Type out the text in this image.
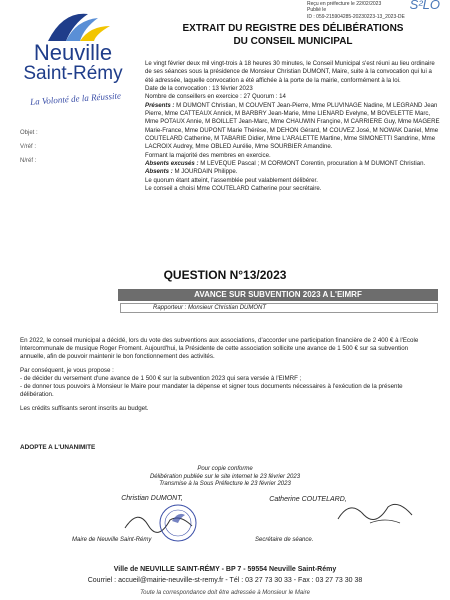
Reçu en préfecture le 22/02/2023
Publié le
ID : 059-215904285-20230223-13_2023-DE
S²LO
Neuville
Saint-Rémy
La Volonté de la Réussite
Objet :
V/réf :
N/réf :
EXTRAIT DU REGISTRE DES DÉLIBÉRATIONS
DU CONSEIL MUNICIPAL

Le vingt février deux mil vingt-trois à 18 heures 30 minutes, le Conseil Municipal s'est réuni au lieu ordinaire de ses séances sous la présidence de Monsieur Christian DUMONT, Maire, suite à la convocation qui lui a été adressée, laquelle convocation a été affichée à la porte de la mairie, conformément à la loi.

Date de la convocation : 13 février 2023

Nombre de conseillers en exercice : 27 Quorum : 14

Présents : M DUMONT Christian, M COUVENT Jean-Pierre, Mme PLUVINAGE Nadine, M LEGRAND Jean Pierre, Mme CATTEAUX Annick, M BARBRY Jean-Marie, Mme LIENARD Evelyne, M BOVELETTE Marc, Mme POTAUX Annie, M BOILLET Jean-Marc, Mme CHAUWIN Françine, M CARRIERE Guy, Mme MAGERE Marie-France, Mme DUPONT Marie Thérèse, M DEHON Gérard, M COUVEZ José, M NOWAK Daniel, Mme COUTELARD Catherine, M TABARIE Didier, Mme L'ARALETTE Martine, Mme SIMONETTI Sandrine, Mme LACROIX Audrey, Mme OBLED Aurélie, Mme SOURBIER Amandine.

Formant la majorité des membres en exercice.

Absents excusés : M LEVEQUE Pascal ; M CORMONT Corentin, procuration à M DUMONT Christian.

Absents : M JOURDAIN Philippe.

Le quorum étant atteint, l'assemblée peut valablement délibérer.

Le conseil a choisi Mme COUTELARD Catherine pour secrétaire.

QUESTION N°13/2023
AVANCE SUR SUBVENTION 2023 A L'EIMRF
Rapporteur : Monsieur Christian DUMONT

En 2022, le conseil municipal a décidé, lors du vote des subventions aux associations, d'accorder une participation financière de 2 400 € à l'Ecole Intercommunale de musique Roger Froment. Aujourd'hui, la Présidente de cette association sollicite une avance de 1 500 € sur sa subvention annuelle, afin de pouvoir maintenir le bon fonctionnement des activités.

Par conséquent, je vous propose :

- de décider du versement d'une avance de 1 500 € sur la subvention 2023 qui sera versée à l'EIMRF ;

- de donner tous pouvoirs à Monsieur le Maire pour mandater la dépense et signer tous documents nécessaires à l'exécution de la présente délibération.

Les crédits suffisants seront inscrits au budget.

ADOPTE A L'UNANIMITE
Pour copie conforme
Délibération publiée sur le site internet le 23 février 2023
Transmise à la Sous Préfecture le 23 février 2023
Christian DUMONT,	Catherine COUTELARD,
Maire de Neuville Saint-Rémy	Secrétaire de séance.
Ville de NEUVILLE SAINT-RÉMY - BP 7 - 59554 Neuville Saint-Rémy
Courriel : accueil@mairie-neuville-st-remy.fr - Tél : 03 27 73 30 33 - Fax : 03 27 73 30 38
Toute la correspondance doit être adressée à Monsieur le Maire
